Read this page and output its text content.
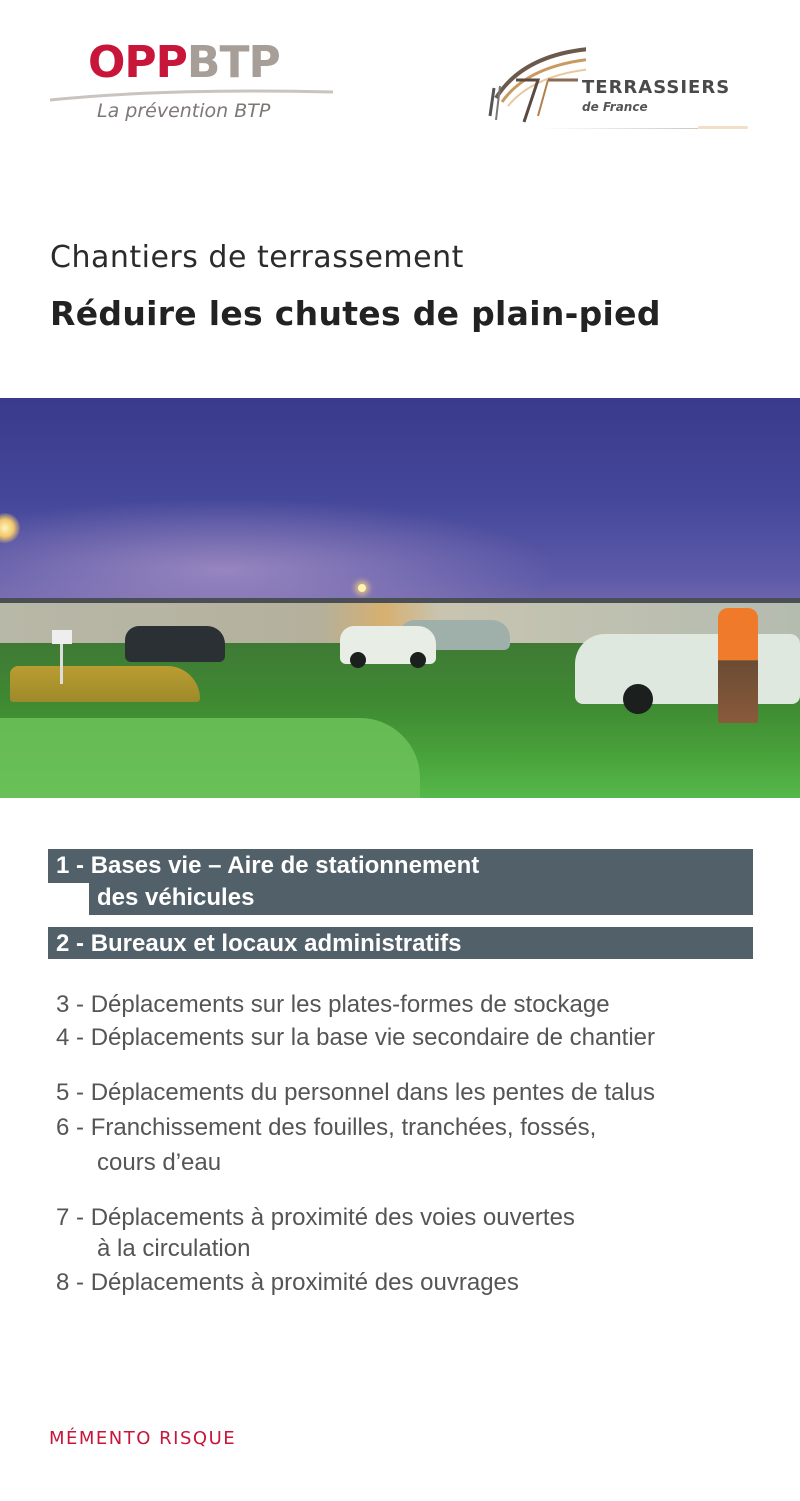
OPPBTP
La prévention BTP
TERRASSIERS
de France
Chantiers de terrassement
Réduire les chutes de plain-pied
1 - Bases vie – Aire de stationnement
des véhicules
2 - Bureaux et locaux administratifs
3 - Déplacements sur les plates-formes de stockage
4 - Déplacements sur la base vie secondaire de chantier
5 - Déplacements du personnel dans les pentes de talus
6 - Franchissement des fouilles, tranchées, fossés,
cours d’eau
7 - Déplacements à proximité des voies ouvertes
à la circulation
8 - Déplacements à proximité des ouvrages
MÉMENTO RISQUE
